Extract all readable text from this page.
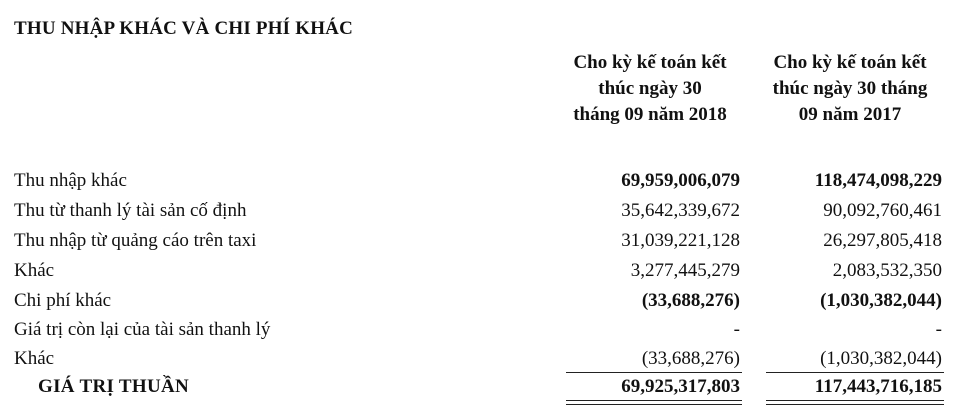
THU NHẬP KHÁC VÀ CHI PHÍ KHÁC
Cho kỳ kế toán kết
thúc ngày 30
tháng 09 năm 2018
Cho kỳ kế toán kết
thúc ngày 30 tháng
09 năm 2017
Thu nhập khác	69,959,006,079	118,474,098,229
Thu từ thanh lý tài sản cố định	35,642,339,672	90,092,760,461
Thu nhập từ quảng cáo trên taxi	31,039,221,128	26,297,805,418
Khác	3,277,445,279	2,083,532,350
Chi phí khác	(33,688,276)	(1,030,382,044)
Giá trị còn lại của tài sản thanh lý	-	-
Khác	(33,688,276)	(1,030,382,044)
GIÁ TRỊ THUẦN	69,925,317,803	117,443,716,185
